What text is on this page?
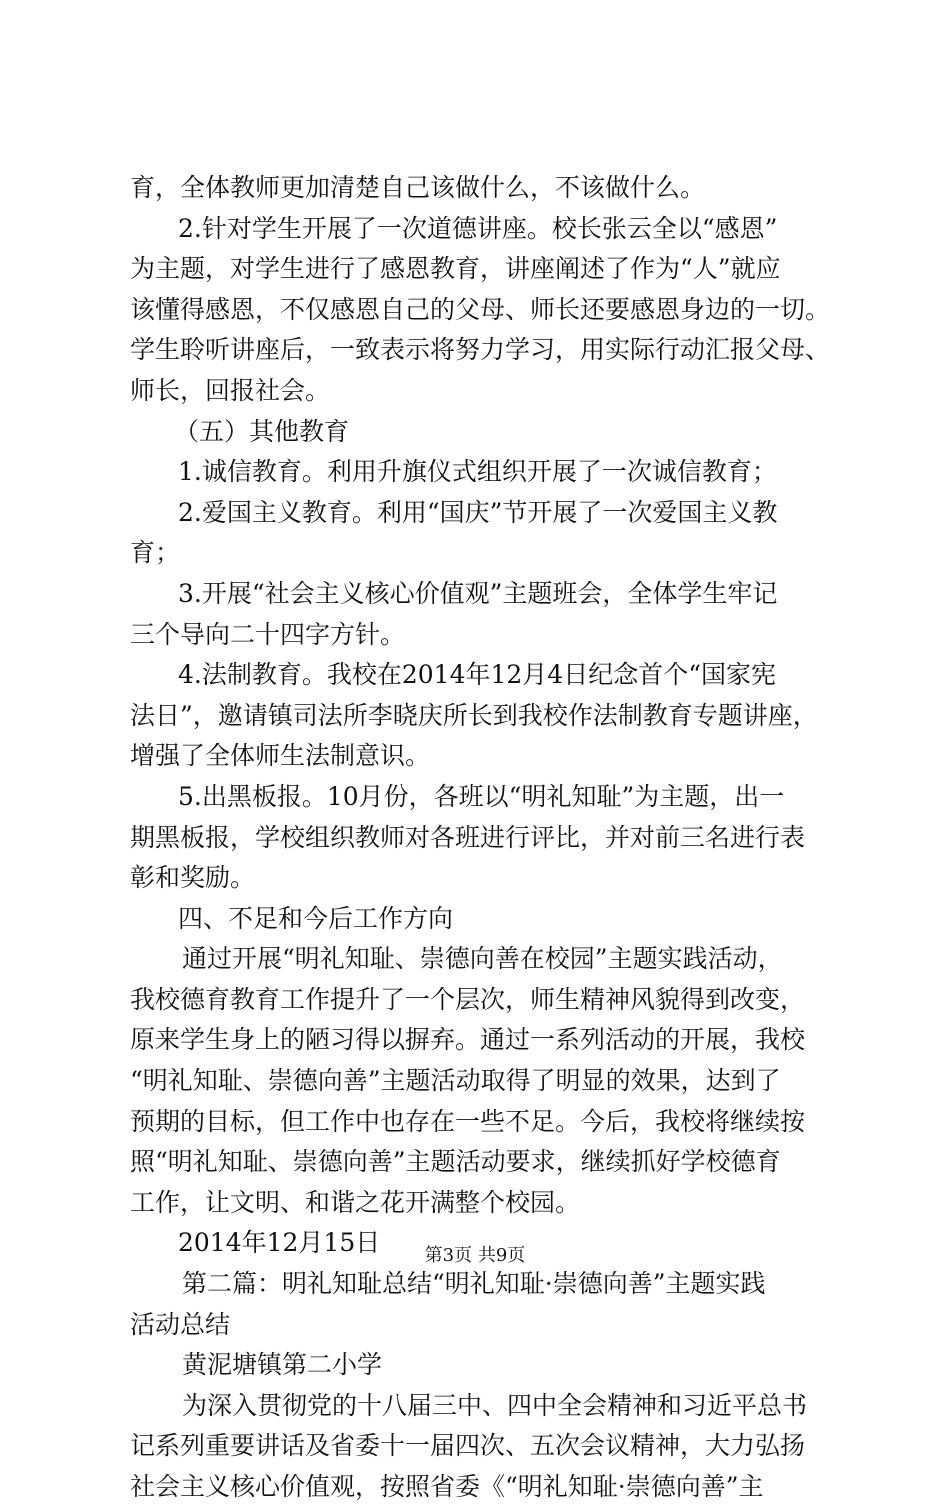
育，全体教师更加清楚自己该做什么，不该做什么。
2.针对学生开展了一次道德讲座。校长张云全以“感恩”
为主题，对学生进行了感恩教育，讲座阐述了作为“人”就应
该懂得感恩，不仅感恩自己的父母、师长还要感恩身边的一切。
学生聆听讲座后，一致表示将努力学习，用实际行动汇报父母、
师长，回报社会。
（五）其他教育
1.诚信教育。利用升旗仪式组织开展了一次诚信教育；
2.爱国主义教育。利用“国庆”节开展了一次爱国主义教
育；
3.开展“社会主义核心价值观”主题班会，全体学生牢记
三个导向二十四字方针。
4.法制教育。我校在2014年12月4日纪念首个“国家宪
法日”，邀请镇司法所李晓庆所长到我校作法制教育专题讲座，
增强了全体师生法制意识。
5.出黑板报。10月份，各班以“明礼知耻”为主题，出一
期黑板报，学校组织教师对各班进行评比，并对前三名进行表
彰和奖励。
四、不足和今后工作方向
通过开展“明礼知耻、崇德向善在校园”主题实践活动，
我校德育教育工作提升了一个层次，师生精神风貌得到改变，
原来学生身上的陋习得以摒弃。通过一系列活动的开展，我校
“明礼知耻、崇德向善”主题活动取得了明显的效果，达到了
预期的目标，但工作中也存在一些不足。今后，我校将继续按
照“明礼知耻、崇德向善”主题活动要求，继续抓好学校德育
工作，让文明、和谐之花开满整个校园。
2014年12月15日
第二篇：明礼知耻总结“明礼知耻·崇德向善”主题实践
活动总结
黄泥塘镇第二小学
为深入贯彻党的十八届三中、四中全会精神和习近平总书
记系列重要讲话及省委十一届四次、五次会议精神，大力弘扬
社会主义核心价值观，按照省委《“明礼知耻·崇德向善”主
第3页 共9页
